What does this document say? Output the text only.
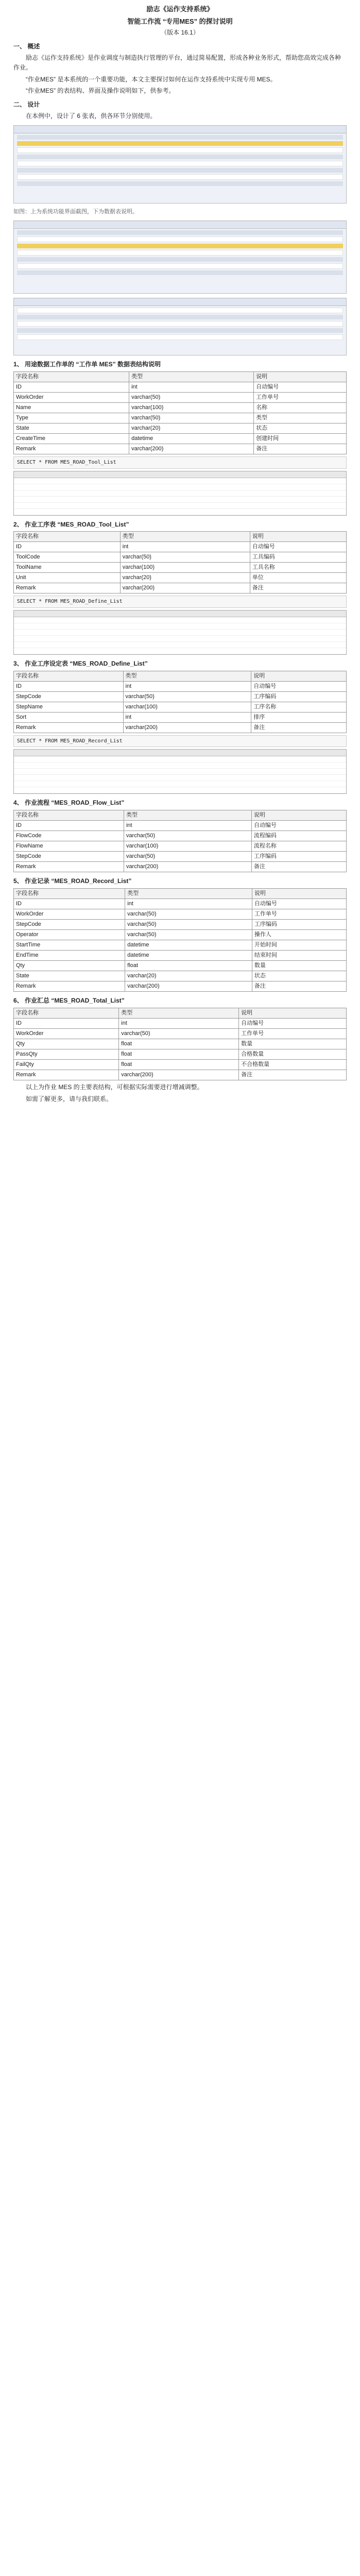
励志《运作支持系统》
智能工作流 “专用MES” 的探讨说明
（版本 16.1）
一、 概述

励志《运作支持系统》是作业调度与制造执行管理的平台，通过简易配置，形成各种业务形式，帮助您高效完成各种作业。

“作业MES” 是本系统的一个重要功能，本文主要探讨如何在运作支持系统中实现专用 MES。

“作业MES” 的表结构、界面及操作说明如下，供参考。

二、 设计

在本例中，设计了 6 张表，供各环节分别使用。

如图：上为系统功能界面截图，下为数据表说明。
1、 用途数据工作单的 “工作单 MES” 数据表结构说明
字段名称	类型	说明
ID	int	自动编号
WorkOrder	varchar(50)	工作单号
Name	varchar(100)	名称
Type	varchar(50)	类型
State	varchar(20)	状态
CreateTime	datetime	创建时间
Remark	varchar(200)	备注
SELECT * FROM MES_ROAD_Tool_List
2、 作业工序表 “MES_ROAD_Tool_List”
字段名称	类型	说明
ID	int	自动编号
ToolCode	varchar(50)	工具编码
ToolName	varchar(100)	工具名称
Unit	varchar(20)	单位
Remark	varchar(200)	备注
SELECT * FROM MES_ROAD_Define_List
3、 作业工序设定表 “MES_ROAD_Define_List”
字段名称	类型	说明
ID	int	自动编号
StepCode	varchar(50)	工序编码
StepName	varchar(100)	工序名称
Sort	int	排序
Remark	varchar(200)	备注
SELECT * FROM MES_ROAD_Record_List
4、 作业流程 “MES_ROAD_Flow_List”
字段名称	类型	说明
ID	int	自动编号
FlowCode	varchar(50)	流程编码
FlowName	varchar(100)	流程名称
StepCode	varchar(50)	工序编码
Remark	varchar(200)	备注
5、 作业记录 “MES_ROAD_Record_List”
字段名称	类型	说明
ID	int	自动编号
WorkOrder	varchar(50)	工作单号
StepCode	varchar(50)	工序编码
Operator	varchar(50)	操作人
StartTime	datetime	开始时间
EndTime	datetime	结束时间
Qty	float	数量
State	varchar(20)	状态
Remark	varchar(200)	备注
6、 作业汇总 “MES_ROAD_Total_List”
字段名称	类型	说明
ID	int	自动编号
WorkOrder	varchar(50)	工作单号
Qty	float	数量
PassQty	float	合格数量
FailQty	float	不合格数量
Remark	varchar(200)	备注

以上为作业 MES 的主要表结构，可根据实际需要进行增减调整。

如需了解更多，请与我们联系。
